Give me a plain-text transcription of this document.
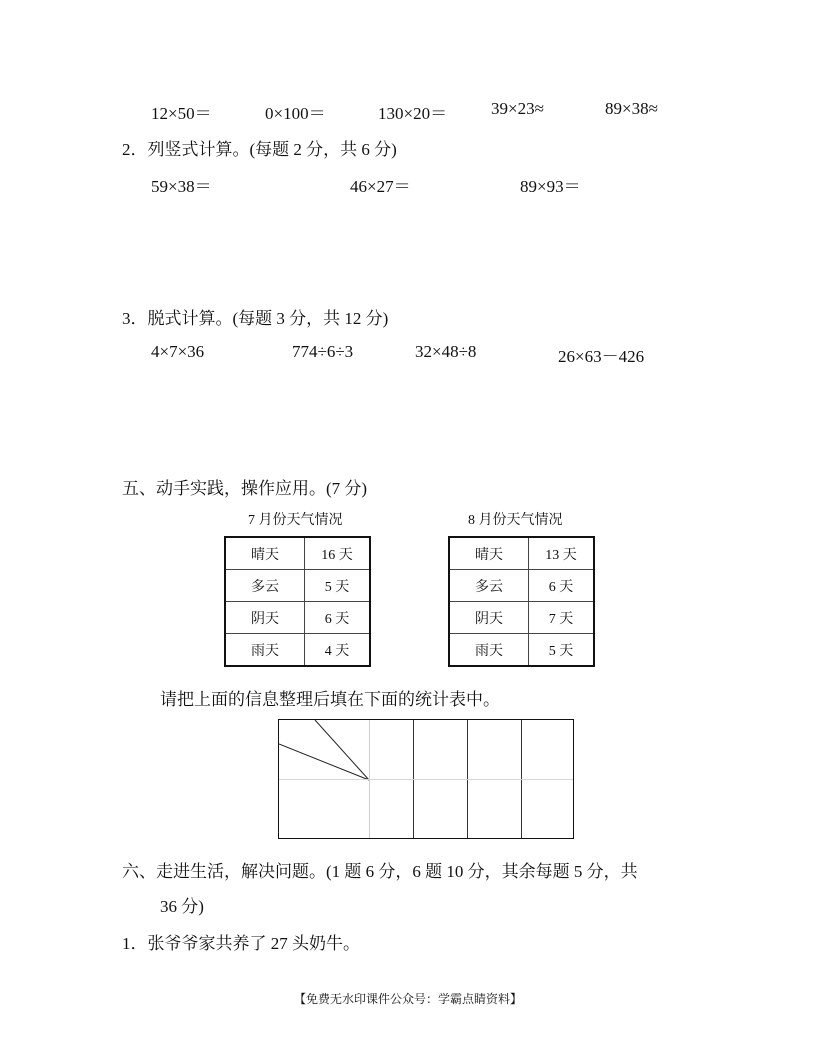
12×50＝	0×100＝	130×20＝	39×23≈	89×38≈
2．列竖式计算。(每题 2 分，共 6 分)
59×38＝	46×27＝	89×93＝
3．脱式计算。(每题 3 分，共 12 分)
4×7×36	774÷6÷3	32×48÷8	26×63－426
五、动手实践，操作应用。(7 分)
7 月份天气情况
晴天	16 天
多云	5 天
阴天	6 天
雨天	4 天
8 月份天气情况
晴天	13 天
多云	6 天
阴天	7 天
雨天	5 天
请把上面的信息整理后填在下面的统计表中。
六、走进生活，解决问题。(1 题 6 分，6 题 10 分，其余每题 5 分，共
36 分)
1．张爷爷家共养了 27 头奶牛。
【免费无水印课件公众号：学霸点睛资料】
